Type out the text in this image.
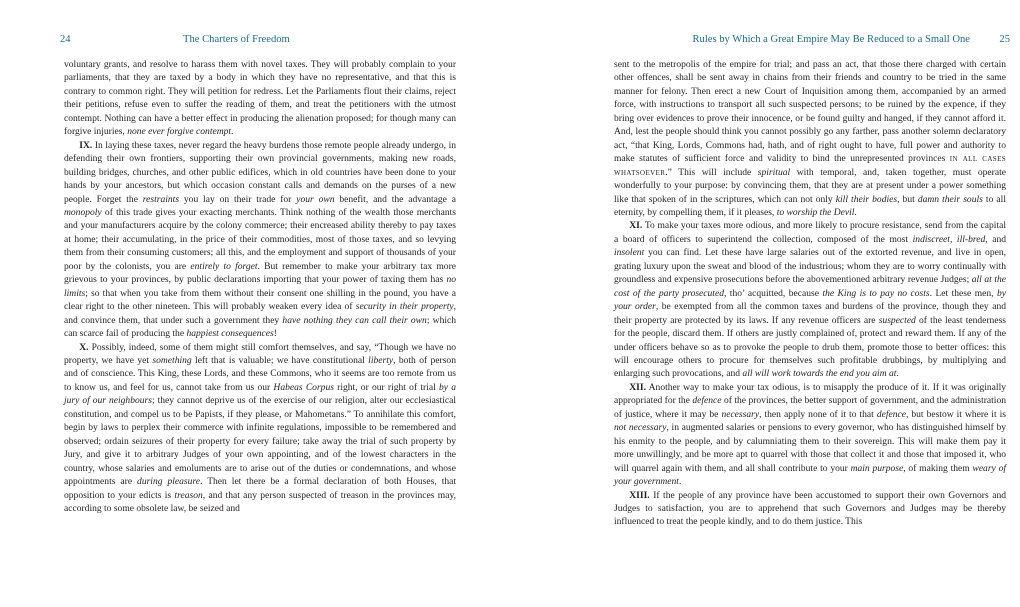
24	The Charters of Freedom

voluntary grants, and resolve to harass them with novel taxes. They will probably complain to your parliaments, that they are taxed by a body in which they have no representative, and that this is contrary to common right. They will petition for redress. Let the Parliaments flout their claims, reject their petitions, refuse even to suffer the reading of them, and treat the petitioners with the utmost contempt. Nothing can have a better effect in producing the alienation proposed; for though many can forgive injuries, none ever forgive contempt.

IX. In laying these taxes, never regard the heavy burdens those remote people already undergo, in defending their own frontiers, supporting their own provincial governments, making new roads, building bridges, churches, and other public edifices, which in old countries have been done to your hands by your ancestors, but which occasion constant calls and demands on the purses of a new people. Forget the restraints you lay on their trade for your own benefit, and the advantage a monopoly of this trade gives your exacting merchants. Think nothing of the wealth those merchants and your manufacturers acquire by the colony commerce; their encreased ability thereby to pay taxes at home; their accumulating, in the price of their commodities, most of those taxes, and so levying them from their consuming customers; all this, and the employment and support of thousands of your poor by the colonists, you are entirely to forget. But remember to make your arbitrary tax more grievous to your provinces, by public declarations importing that your power of taxing them has no limits; so that when you take from them without their consent one shilling in the pound, you have a clear right to the other nineteen. This will probably weaken every idea of security in their property, and convince them, that under such a government they have nothing they can call their own; which can scarce fail of producing the happiest consequences!

X. Possibly, indeed, some of them might still comfort themselves, and say, “Though we have no property, we have yet something left that is valuable; we have constitutional liberty, both of person and of conscience. This King, these Lords, and these Commons, who it seems are too remote from us to know us, and feel for us, cannot take from us our Habeas Corpus right, or our right of trial by a jury of our neighbours; they cannot deprive us of the exercise of our religion, alter our ecclesiastical constitution, and compel us to be Papists, if they please, or Mahometans.” To annihilate this comfort, begin by laws to perplex their commerce with infinite regulations, impossible to be remembered and observed; ordain seizures of their property for every failure; take away the trial of such property by Jury, and give it to arbitrary Judges of your own appointing, and of the lowest characters in the country, whose salaries and emoluments are to arise out of the duties or condemnations, and whose appointments are during pleasure. Then let there be a formal declaration of both Houses, that opposition to your edicts is treason, and that any person suspected of treason in the provinces may, according to some obsolete law, be seized and

Rules by Which a Great Empire May Be Reduced to a Small One	25

sent to the metropolis of the empire for trial; and pass an act, that those there charged with certain other offences, shall be sent away in chains from their friends and country to be tried in the same manner for felony. Then erect a new Court of Inquisition among them, accompanied by an armed force, with instructions to transport all such suspected persons; to be ruined by the expence, if they bring over evidences to prove their innocence, or be found guilty and hanged, if they cannot afford it. And, lest the people should think you cannot possibly go any farther, pass another solemn declaratory act, “that King, Lords, Commons had, hath, and of right ought to have, full power and authority to make statutes of sufficient force and validity to bind the unrepresented provinces in all cases whatsoever.” This will include spiritual with temporal, and, taken together, must operate wonderfully to your purpose: by convincing them, that they are at present under a power something like that spoken of in the scriptures, which can not only kill their bodies, but damn their souls to all eternity, by compelling them, if it pleases, to worship the Devil.

XI. To make your taxes more odious, and more likely to procure resistance, send from the capital a board of officers to superintend the collection, composed of the most indiscreet, ill-bred, and insolent you can find. Let these have large salaries out of the extorted revenue, and live in open, grating luxury upon the sweat and blood of the industrious; whom they are to worry continually with groundless and expensive prosecutions before the abovementioned arbitrary revenue Judges; all at the cost of the party prosecuted, tho’ acquitted, because the King is to pay no costs. Let these men, by your order, be exempted from all the common taxes and burdens of the province, though they and their property are protected by its laws. If any revenue officers are suspected of the least tenderness for the people, discard them. If others are justly complained of, protect and reward them. If any of the under officers behave so as to provoke the people to drub them, promote those to better offices: this will encourage others to procure for themselves such profitable drubbings, by multiplying and enlarging such provocations, and all will work towards the end you aim at.

XII. Another way to make your tax odious, is to misapply the produce of it. If it was originally appropriated for the defence of the provinces, the better support of government, and the administration of justice, where it may be necessary, then apply none of it to that defence, but bestow it where it is not necessary, in augmented salaries or pensions to every governor, who has distinguished himself by his enmity to the people, and by calumniating them to their sovereign. This will make them pay it more unwillingly, and be more apt to quarrel with those that collect it and those that imposed it, who will quarrel again with them, and all shall contribute to your main purpose, of making them weary of your government.

XIII. If the people of any province have been accustomed to support their own Governors and Judges to satisfaction, you are to apprehend that such Governors and Judges may be thereby influenced to treat the people kindly, and to do them justice. This
